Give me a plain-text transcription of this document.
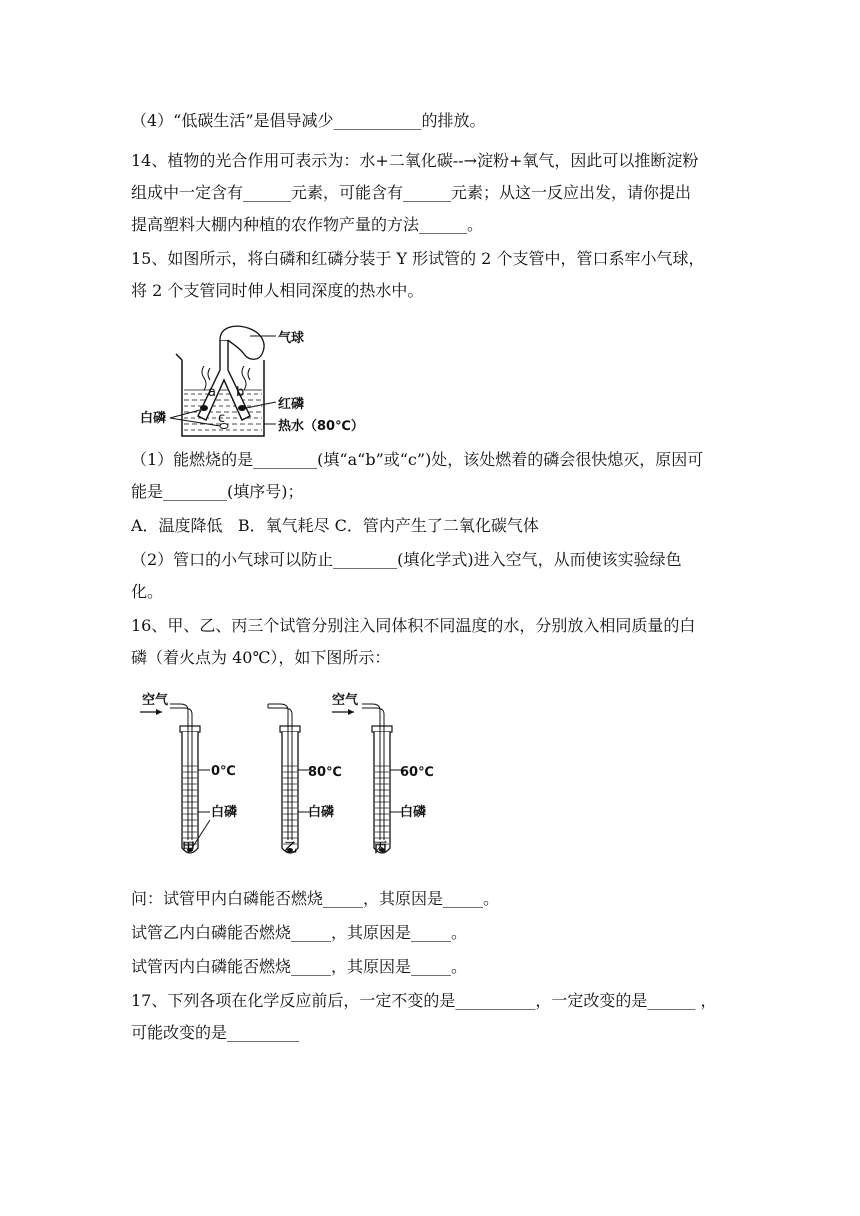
（4）“低碳生活”是倡导减少___________的排放。
14、植物的光合作用可表示为：水+二氧化碳--→淀粉+氧气，因此可以推断淀粉
组成中一定含有______元素，可能含有______元素；从这一反应出发，请你提出
提高塑料大棚内种植的农作物产量的方法______。
15、如图所示，将白磷和红磷分装于 Y 形试管的 2 个支管中，管口系牢小气球，
将 2 个支管同时伸人相同深度的热水中。
a b
c
气球
红磷
白磷
热水（80℃）
（1）能燃烧的是________(填“a“b”或“c”)处，该处燃着的磷会很快熄灭，原因可
能是________(填序号)；
A．温度降低   B．氧气耗尽 C．管内产生了二氧化碳气体
（2）管口的小气球可以防止________(填化学式)进入空气，从而使该实验绿色
化。
16、甲、乙、丙三个试管分别注入同体积不同温度的水，分别放入相同质量的白
磷（着火点为 40℃），如下图所示：
空气	空气
0℃	80℃	60℃
白磷	白磷	白磷
甲	乙	丙
问：试管甲内白磷能否燃烧_____，其原因是_____。
试管乙内白磷能否燃烧_____，其原因是_____。
试管丙内白磷能否燃烧_____，其原因是_____。
17、下列各项在化学反应前后，一定不变的是__________，一定改变的是______ ，
可能改变的是_________
